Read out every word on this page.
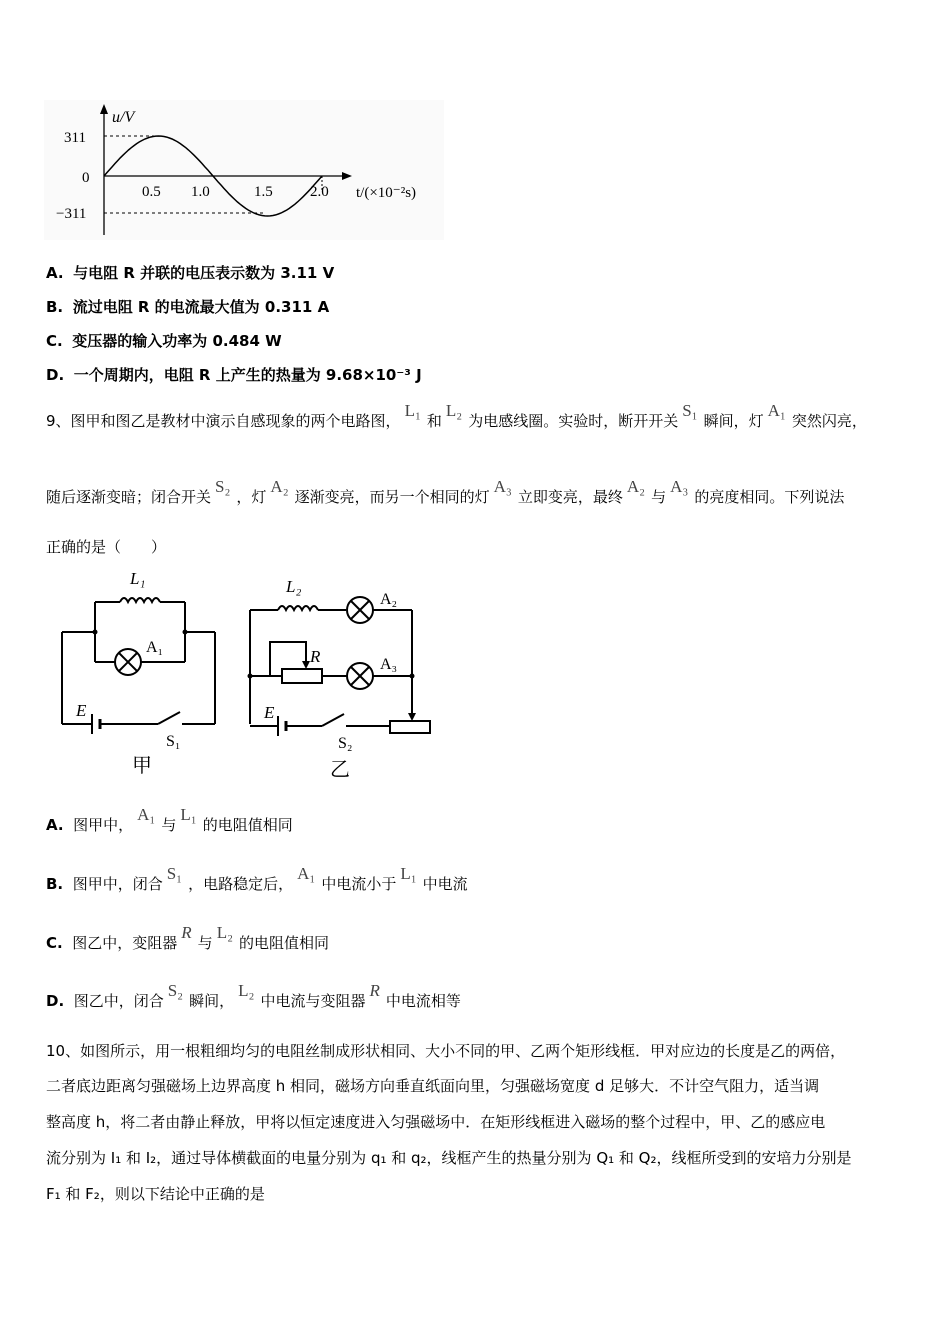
u/V
t/(×10⁻²s)
311
0
−311
0.5 1.0	1.5 2.0
A. 与电阻 R 并联的电压表示数为 3.11 V
B. 流过电阻 R 的电流最大值为 0.311 A
C. 变压器的输入功率为 0.484 W
D. 一个周期内，电阻 R 上产生的热量为 9.68×10⁻³ J
9、图甲和图乙是教材中演示自感现象的两个电路图，L₁和L₂为电感线圈。实验时，断开开关S₁瞬间，灯A₁突然闪亮，
随后逐渐变暗；闭合开关S₂，灯A₂逐渐变亮，而另一个相同的灯A₃立即变亮，最终A₂与A₃的亮度相同。下列说法
正确的是（　　）
L₁
A₁
E
S₁
甲
L₂
A₂
R	A₃
E
S₂
乙
A. 图甲中，A₁与L₁的电阻值相同
B. 图甲中，闭合S₁，电路稳定后，A₁中电流小于L₁中电流
C. 图乙中，变阻器R与L₂的电阻值相同
D. 图乙中，闭合S₂瞬间，L₂中电流与变阻器R中电流相等
10、如图所示，用一根粗细均匀的电阻丝制成形状相同、大小不同的甲、乙两个矩形线框．甲对应边的长度是乙的两倍，
二者底边距离匀强磁场上边界高度 h 相同，磁场方向垂直纸面向里，匀强磁场宽度 d 足够大．不计空气阻力，适当调
整高度 h，将二者由静止释放，甲将以恒定速度进入匀强磁场中．在矩形线框进入磁场的整个过程中，甲、乙的感应电
流分别为 I₁ 和 I₂，通过导体横截面的电量分别为 q₁ 和 q₂，线框产生的热量分别为 Q₁ 和 Q₂，线框所受到的安培力分别是
F₁ 和 F₂，则以下结论中正确的是
